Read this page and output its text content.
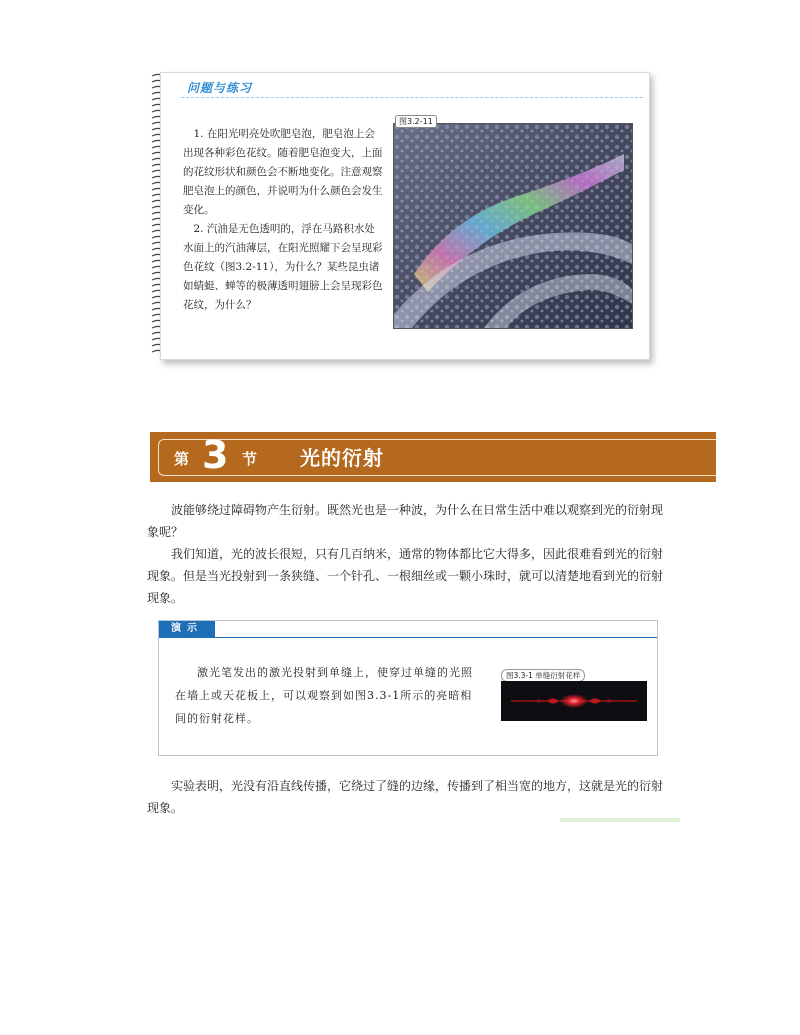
问题与练习

1. 在阳光明亮处吹肥皂泡，肥皂泡上会出现各种彩色花纹。随着肥皂泡变大，上面的花纹形状和颜色会不断地变化。注意观察肥皂泡上的颜色，并说明为什么颜色会发生变化。

2. 汽油是无色透明的，浮在马路积水处水面上的汽油薄层，在阳光照耀下会呈现彩色花纹（图3.2-11），为什么？某些昆虫诸如蜻蜓、蝉等的极薄透明翅膀上会呈现彩色花纹，为什么？

图3.2-11
第 3 节 光的衍射

波能够绕过障碍物产生衍射。既然光也是一种波，为什么在日常生活中难以观察到光的衍射现象呢？

我们知道，光的波长很短，只有几百纳米，通常的物体都比它大得多，因此很难看到光的衍射现象。但是当光投射到一条狭缝、一个针孔、一根细丝或一颗小珠时，就可以清楚地看到光的衍射现象。

演示

激光笔发出的激光投射到单缝上，使穿过单缝的光照在墙上或天花板上，可以观察到如图3.3-1所示的亮暗相间的衍射花样。

图3.3-1 单缝衍射花样

实验表明，光没有沿直线传播，它绕过了缝的边缘，传播到了相当宽的地方，这就是光的衍射现象。
